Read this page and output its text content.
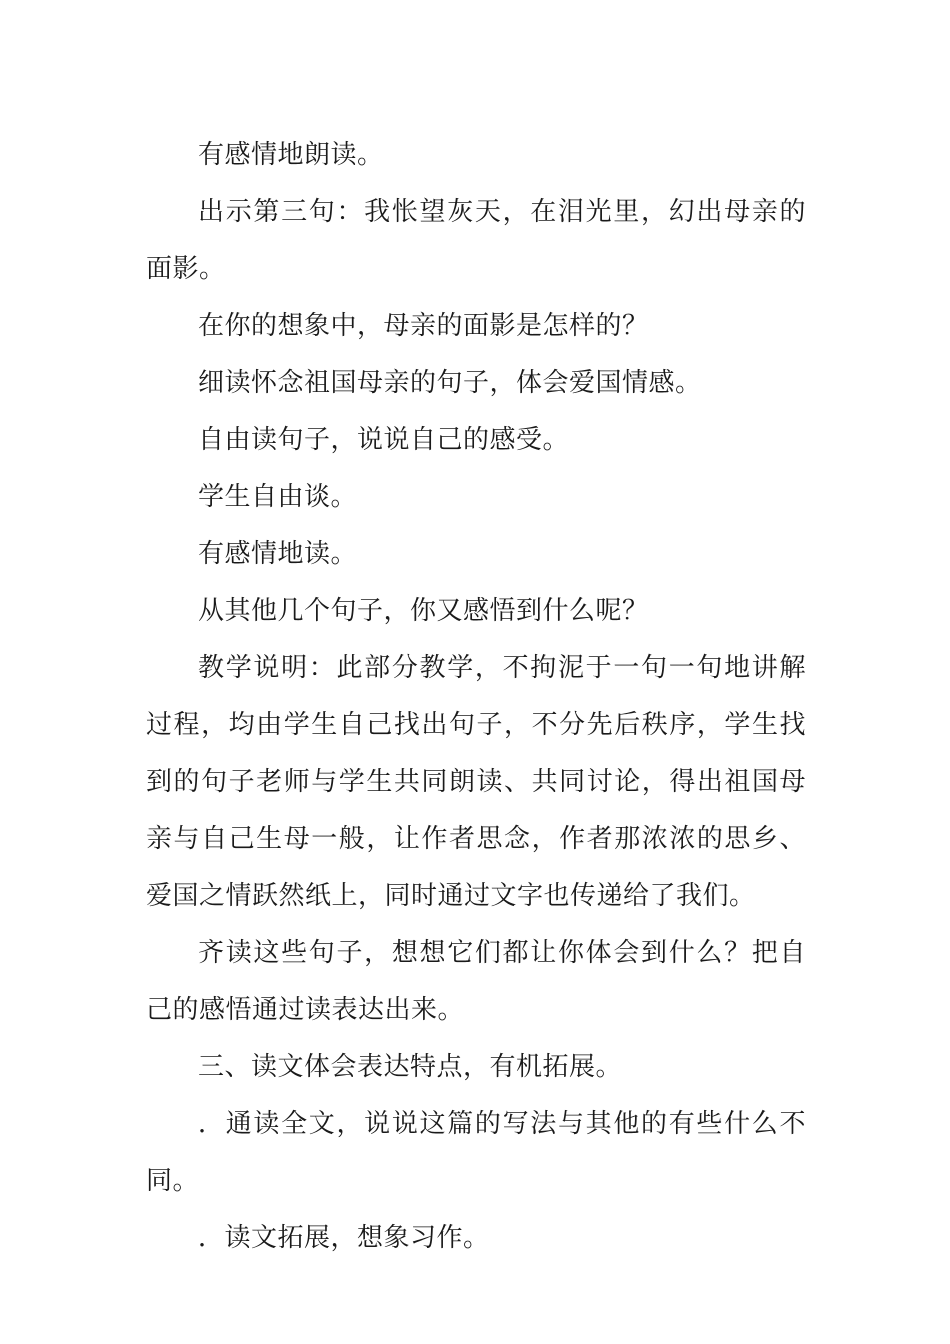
有感情地朗读。

出示第三句：我怅望灰天，在泪光里，幻出母亲的面影。

在你的想象中，母亲的面影是怎样的？

细读怀念祖国母亲的句子，体会爱国情感。

自由读句子，说说自己的感受。

学生自由谈。

有感情地读。

从其他几个句子，你又感悟到什么呢？

教学说明：此部分教学，不拘泥于一句一句地讲解过程，均由学生自己找出句子，不分先后秩序，学生找到的句子老师与学生共同朗读、共同讨论，得出祖国母亲与自己生母一般，让作者思念，作者那浓浓的思乡、爱国之情跃然纸上，同时通过文字也传递给了我们。

齐读这些句子，想想它们都让你体会到什么？把自己的感悟通过读表达出来。

三、读文体会表达特点，有机拓展。

．通读全文，说说这篇的写法与其他的有些什么不同。

．读文拓展，想象习作。
